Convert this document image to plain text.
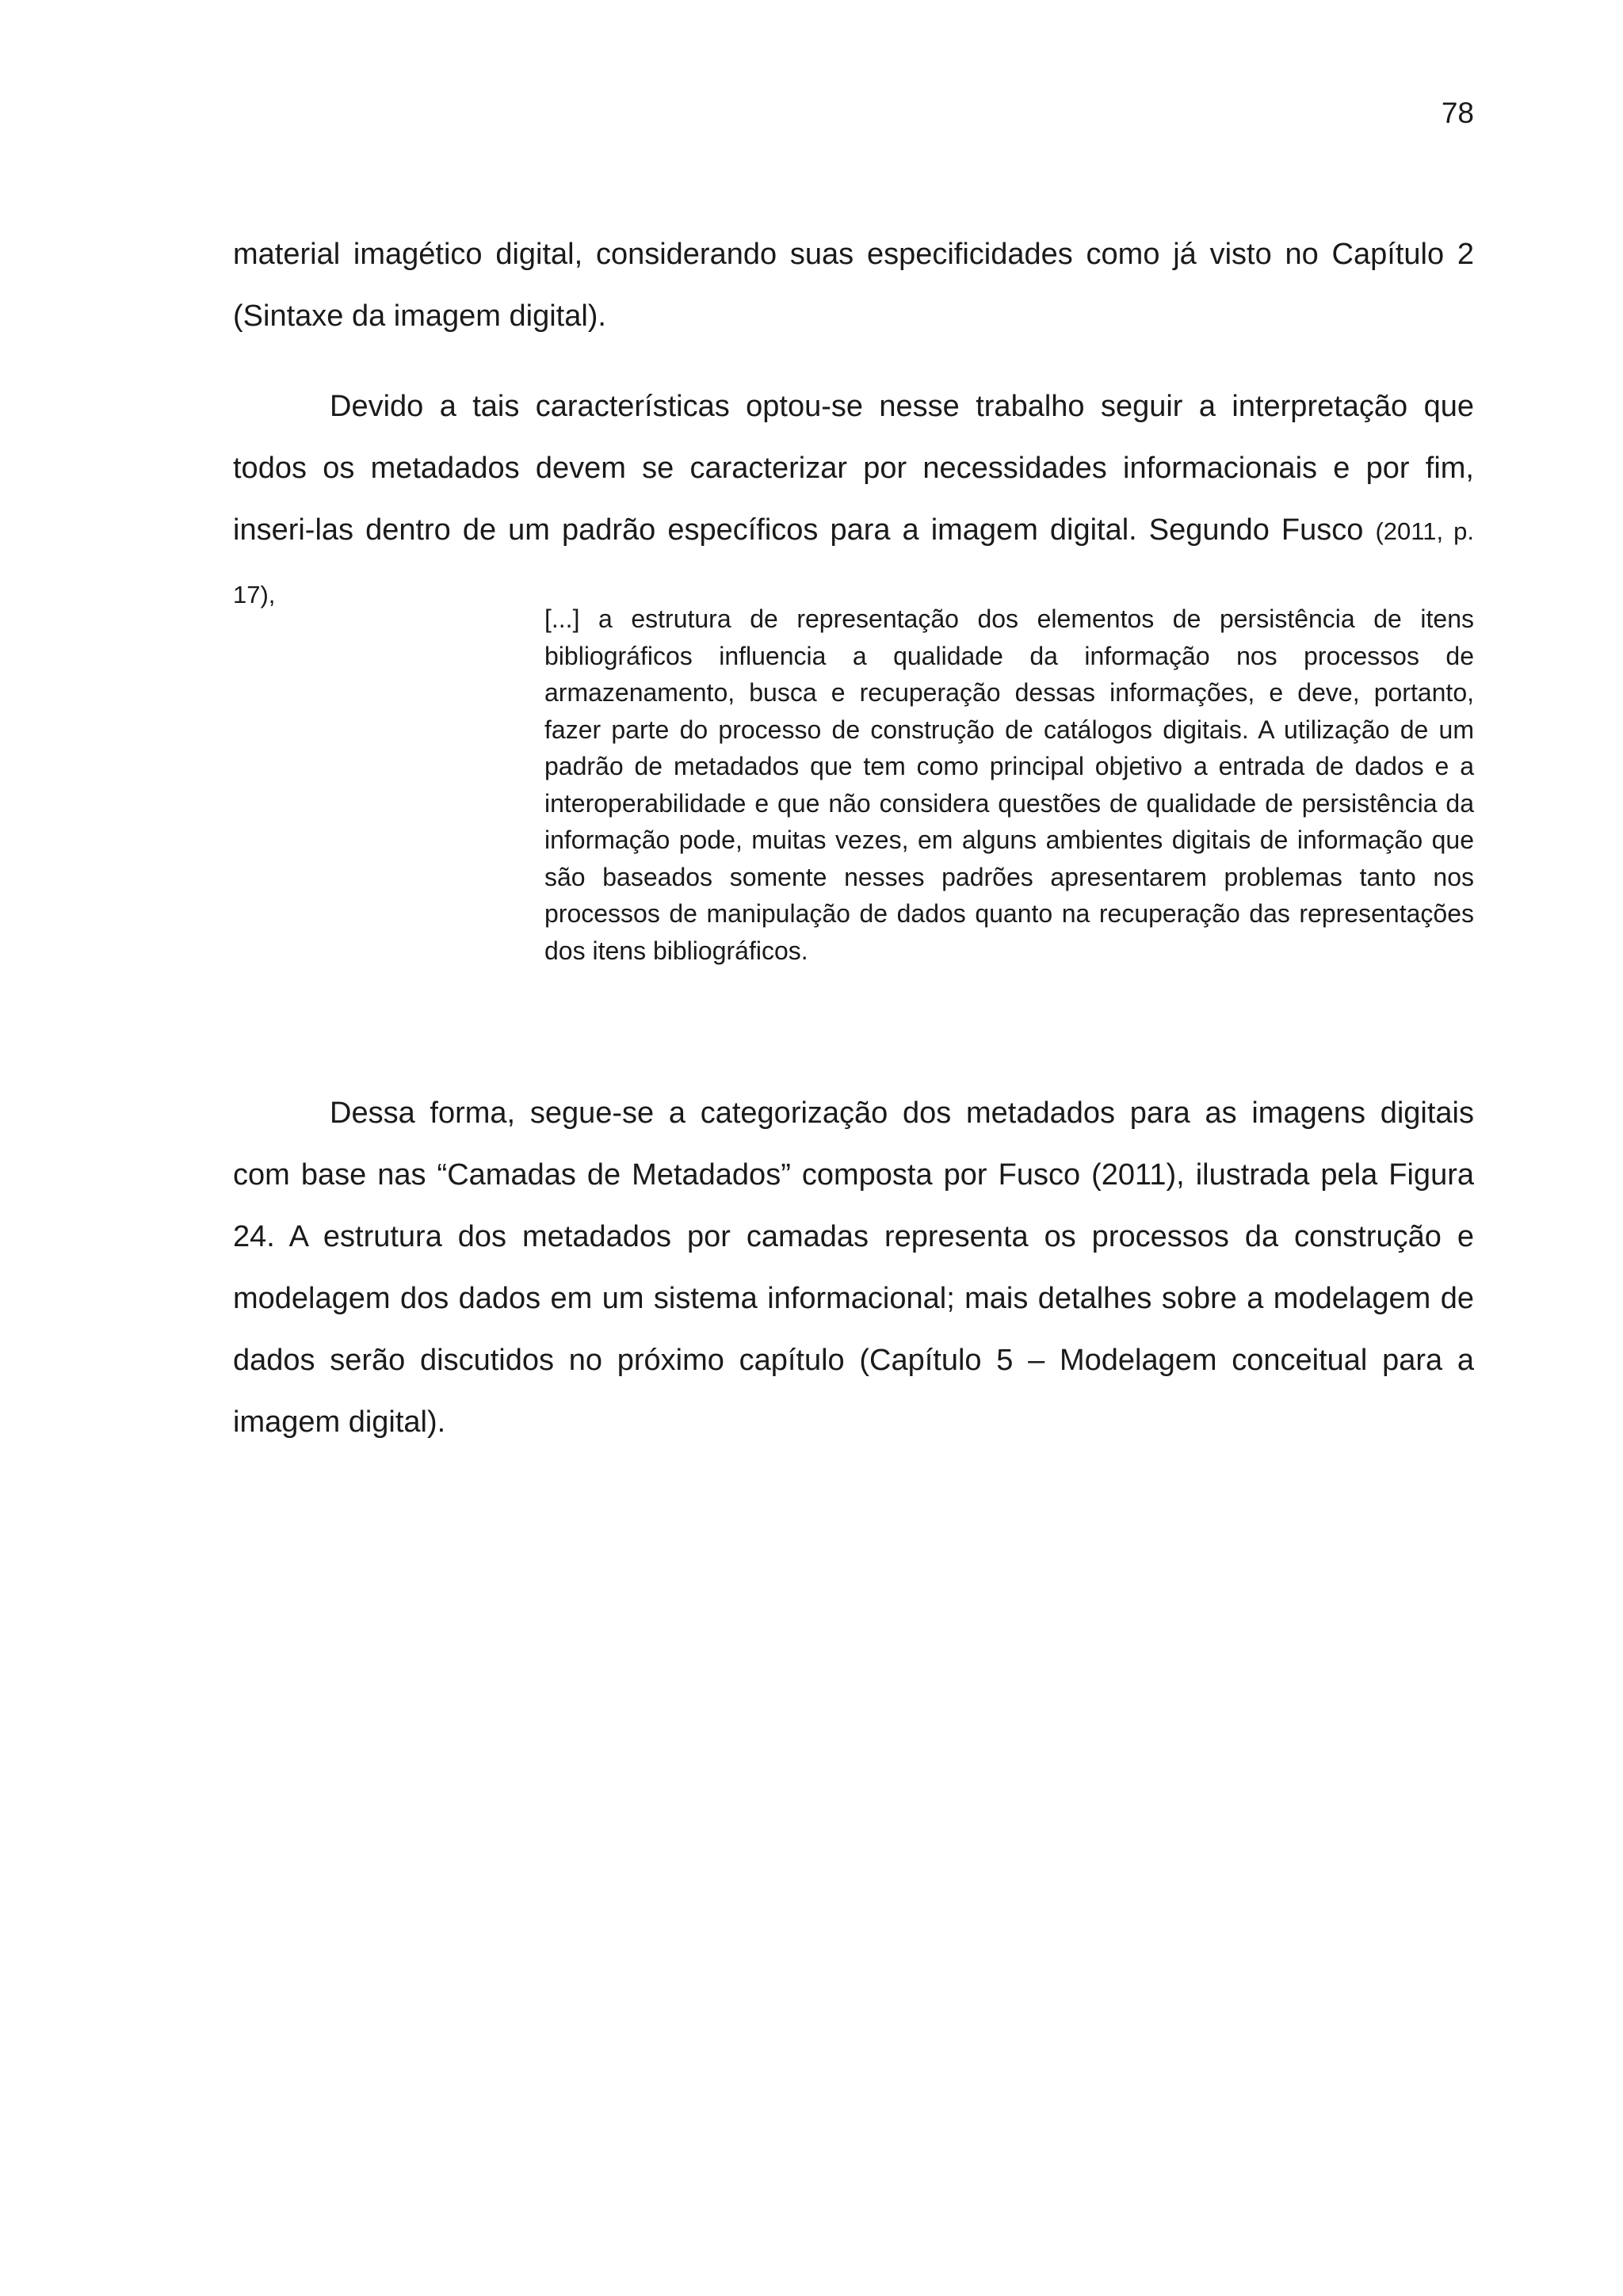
78

material imagético digital, considerando suas especificidades como já visto no Capítulo 2 (Sintaxe da imagem digital).

Devido a tais características optou-se nesse trabalho seguir a interpretação que todos os metadados devem se caracterizar por necessidades informacionais e por fim, inseri-las dentro de um padrão específicos para a imagem digital. Segundo Fusco (2011, p. 17),

[...] a estrutura de representação dos elementos de persistência de itens bibliográficos influencia a qualidade da informação nos processos de armazenamento, busca e recuperação dessas informações, e deve, portanto, fazer parte do processo de construção de catálogos digitais. A utilização de um padrão de metadados que tem como principal objetivo a entrada de dados e a interoperabilidade e que não considera questões de qualidade de persistência da informação pode, muitas vezes, em alguns ambientes digitais de informação que são baseados somente nesses padrões apresentarem problemas tanto nos processos de manipulação de dados quanto na recuperação das representações dos itens bibliográficos.

Dessa forma, segue-se a categorização dos metadados para as imagens digitais com base nas “Camadas de Metadados” composta por Fusco (2011), ilustrada pela Figura 24. A estrutura dos metadados por camadas representa os processos da construção e modelagem dos dados em um sistema informacional; mais detalhes sobre a modelagem de dados serão discutidos no próximo capítulo (Capítulo 5 – Modelagem conceitual para a imagem digital).
